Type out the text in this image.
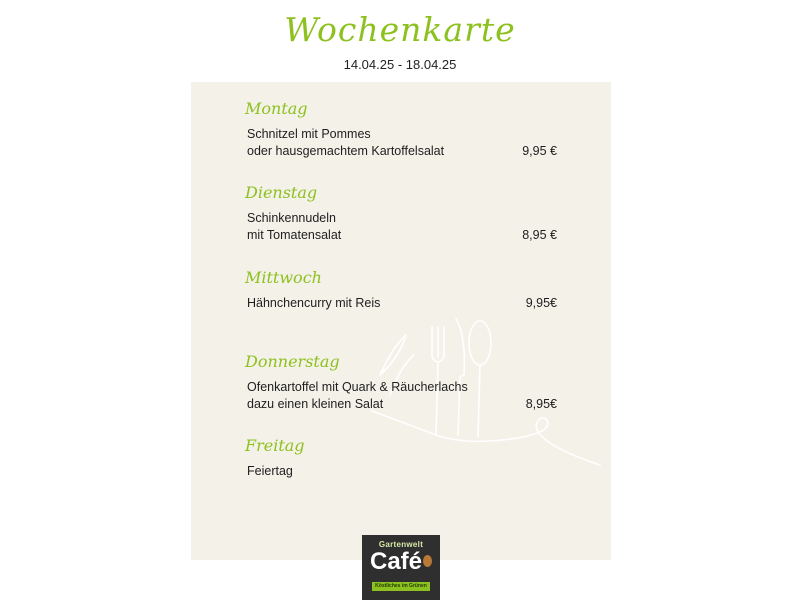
Wochenkarte
14.04.25 - 18.04.25
Montag
Schnitzel mit Pommes
oder hausgemachtem Kartoffelsalat	9,95 €
Dienstag
Schinkennudeln
mit Tomatensalat	8,95 €
Mittwoch
Hähnchencurry mit Reis	9,95€
Donnerstag
Ofenkartoffel mit Quark & Räucherlachs
dazu einen kleinen Salat	8,95€
Freitag
Feiertag
Gartenwelt
Café
Köstliches im Grünen
